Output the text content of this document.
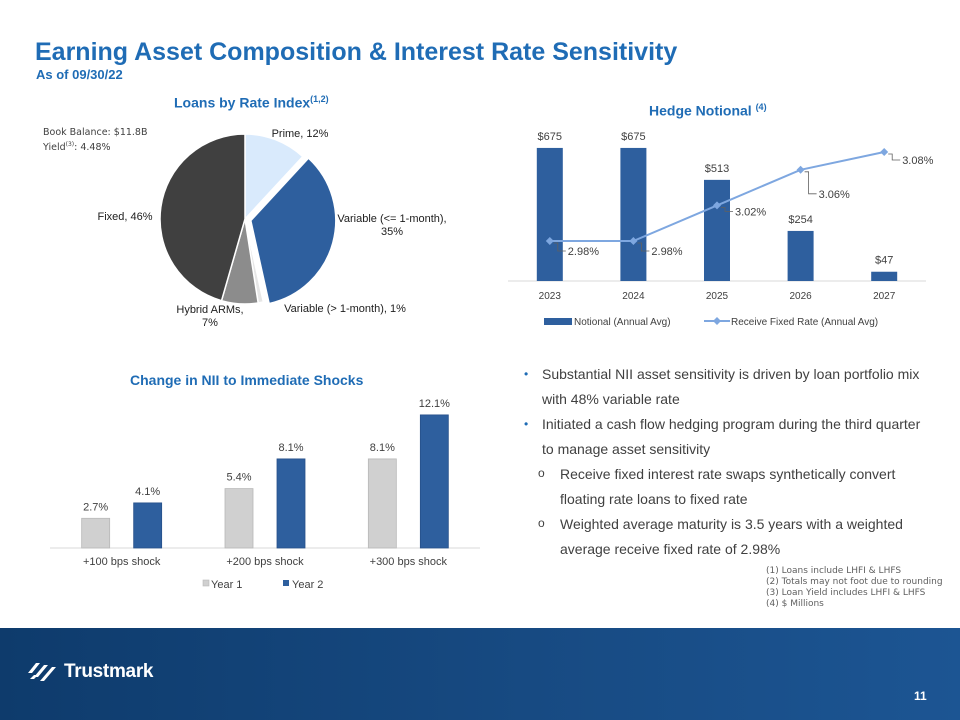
Earning Asset Composition & Interest Rate Sensitivity
As of 09/30/22
Loans by Rate Index$^{(1,2)}$
Book Balance: $11.8B
Yield$^{(3)}$: 4.48%
Prime, 12%
Variable (<= 1-month),
35%
Variable (> 1-month), 1%
Hybrid ARMs,
7%
Fixed, 46%
Hedge Notional $^{(4)}$
$675
2023
$675
2024
$513
2025
$254
2026
$47
2027
2.98%	2.98%
3.02%
3.06%
3.08%
Notional (Annual Avg)	Receive Fixed Rate (Annual Avg)
Change in NII to Immediate Shocks
2.7%
4.1%
+100 bps shock
5.4%
8.1%
+200 bps shock
8.1%
12.1%
+300 bps shock
Year 1	Year 2
• Substantial NII asset sensitivity is driven by loan portfolio mix with 48% variable rate
• Initiated a cash flow hedging program during the third quarter to manage asset sensitivity
o Receive fixed interest rate swaps synthetically convert floating rate loans to fixed rate
o Weighted average maturity is 3.5 years with a weighted average receive fixed rate of 2.98%
(1) Loans include LHFI & LHFS
(2) Totals may not foot due to rounding
(3) Loan Yield includes LHFI & LHFS
(4) $ Millions
Trustmark
11
